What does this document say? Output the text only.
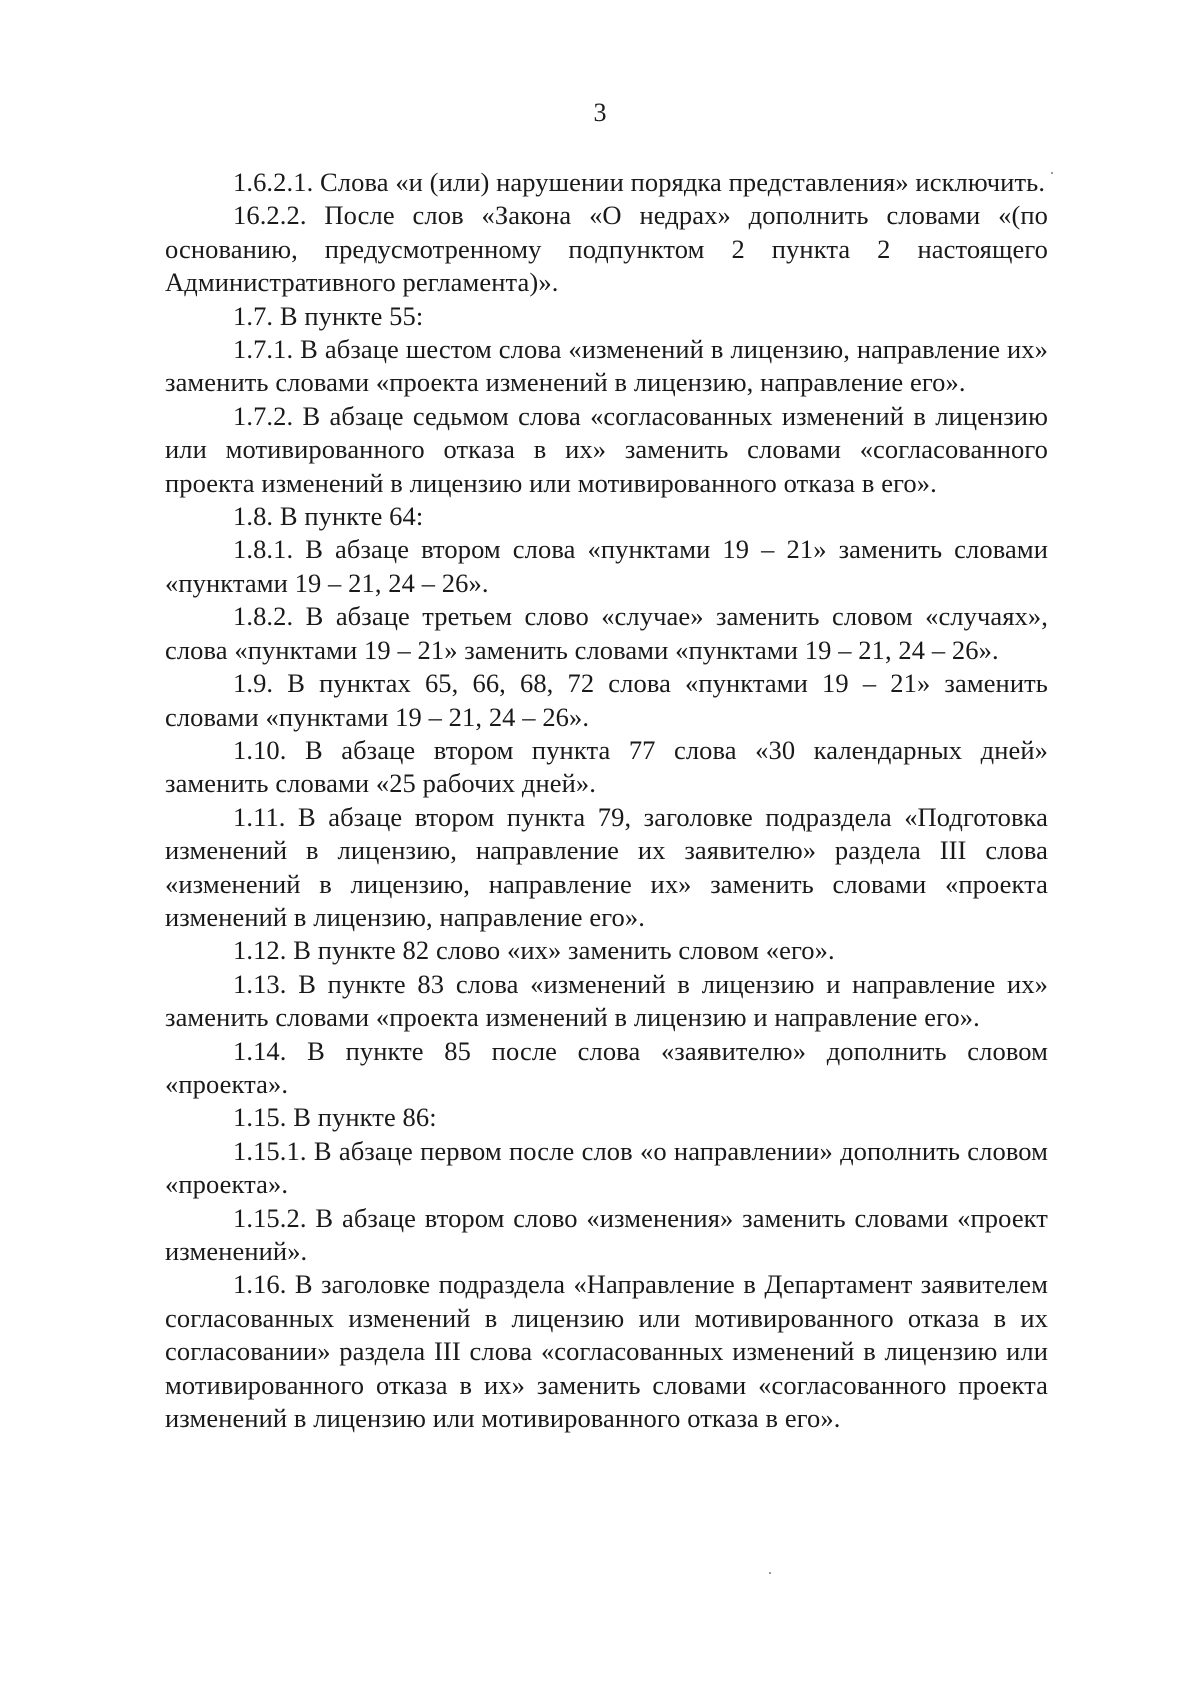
3

1.6.2.1. Слова «и (или) нарушении порядка представления» исключить.

16.2.2. После слов «Закона «О недрах» дополнить словами «(по основанию, предусмотренному подпунктом 2 пункта 2 настоящего Административного регламента)».

1.7. В пункте 55:

1.7.1. В абзаце шестом слова «изменений в лицензию, направление их» заменить словами «проекта изменений в лицензию, направление его».

1.7.2. В абзаце седьмом слова «согласованных изменений в лицензию или мотивированного отказа в их» заменить словами «согласованного проекта изменений в лицензию или мотивированного отказа в его».

1.8. В пункте 64:

1.8.1. В абзаце втором слова «пунктами 19 – 21» заменить словами «пунктами 19 – 21, 24 – 26».

1.8.2. В абзаце третьем слово «случае» заменить словом «случаях», слова «пунктами 19 – 21» заменить словами «пунктами 19 – 21, 24 – 26».

1.9. В пунктах 65, 66, 68, 72 слова «пунктами 19 – 21» заменить словами «пунктами 19 – 21, 24 – 26».

1.10. В абзаце втором пункта 77 слова «30 календарных дней» заменить словами «25 рабочих дней».

1.11. В абзаце втором пункта 79, заголовке подраздела «Подготовка изменений в лицензию, направление их заявителю» раздела III слова «изменений в лицензию, направление их» заменить словами «проекта изменений в лицензию, направление его».

1.12. В пункте 82 слово «их» заменить словом «его».

1.13. В пункте 83 слова «изменений в лицензию и направление их» заменить словами «проекта изменений в лицензию и направление его».

1.14. В пункте 85 после слова «заявителю» дополнить словом «проекта».

1.15. В пункте 86:

1.15.1. В абзаце первом после слов «о направлении» дополнить словом «проекта».

1.15.2. В абзаце втором слово «изменения» заменить словами «проект изменений».

1.16. В заголовке подраздела «Направление в Департамент заявителем согласованных изменений в лицензию или мотивированного отказа в их согласовании» раздела III слова «согласованных изменений в лицензию или мотивированного отказа в их» заменить словами «согласованного проекта изменений в лицензию или мотивированного отказа в его».
